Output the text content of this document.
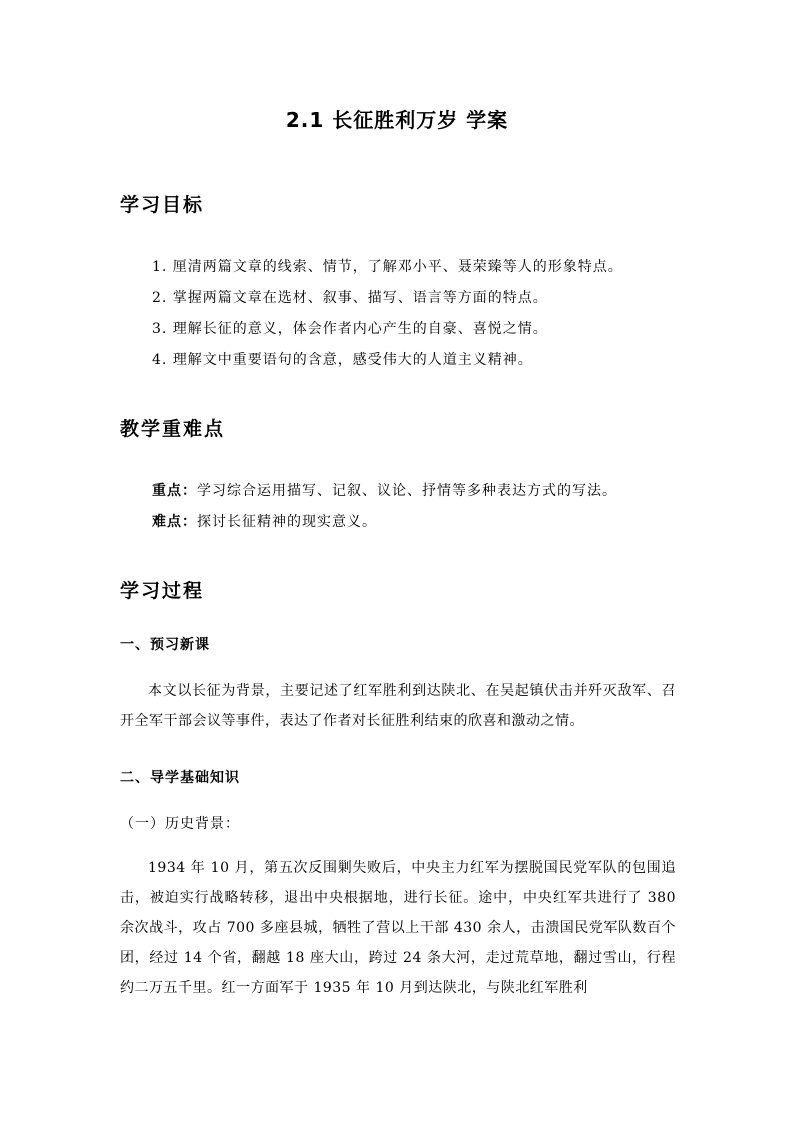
2.1 长征胜利万岁 学案
学习目标
1. 厘清两篇文章的线索、情节，了解邓小平、聂荣臻等人的形象特点。
2. 掌握两篇文章在选材、叙事、描写、语言等方面的特点。
3. 理解长征的意义，体会作者内心产生的自豪、喜悦之情。
4. 理解文中重要语句的含意，感受伟大的人道主义精神。
教学重难点
重点：学习综合运用描写、记叙、议论、抒情等多种表达方式的写法。
难点：探讨长征精神的现实意义。
学习过程
一、预习新课
本文以长征为背景，主要记述了红军胜利到达陕北、在吴起镇伏击并歼灭敌军、召开全军干部会议等事件，表达了作者对长征胜利结束的欣喜和激动之情。
二、导学基础知识
（一）历史背景：
1934 年 10 月，第五次反围剿失败后，中央主力红军为摆脱国民党军队的包围追击，被迫实行战略转移，退出中央根据地，进行长征。途中，中央红军共进行了 380 余次战斗，攻占 700 多座县城，牺牲了营以上干部 430 余人，击溃国民党军队数百个团，经过 14 个省，翻越 18 座大山，跨过 24 条大河，走过荒草地，翻过雪山，行程约二万五千里。红一方面军于 1935 年 10 月到达陕北，与陕北红军胜利
